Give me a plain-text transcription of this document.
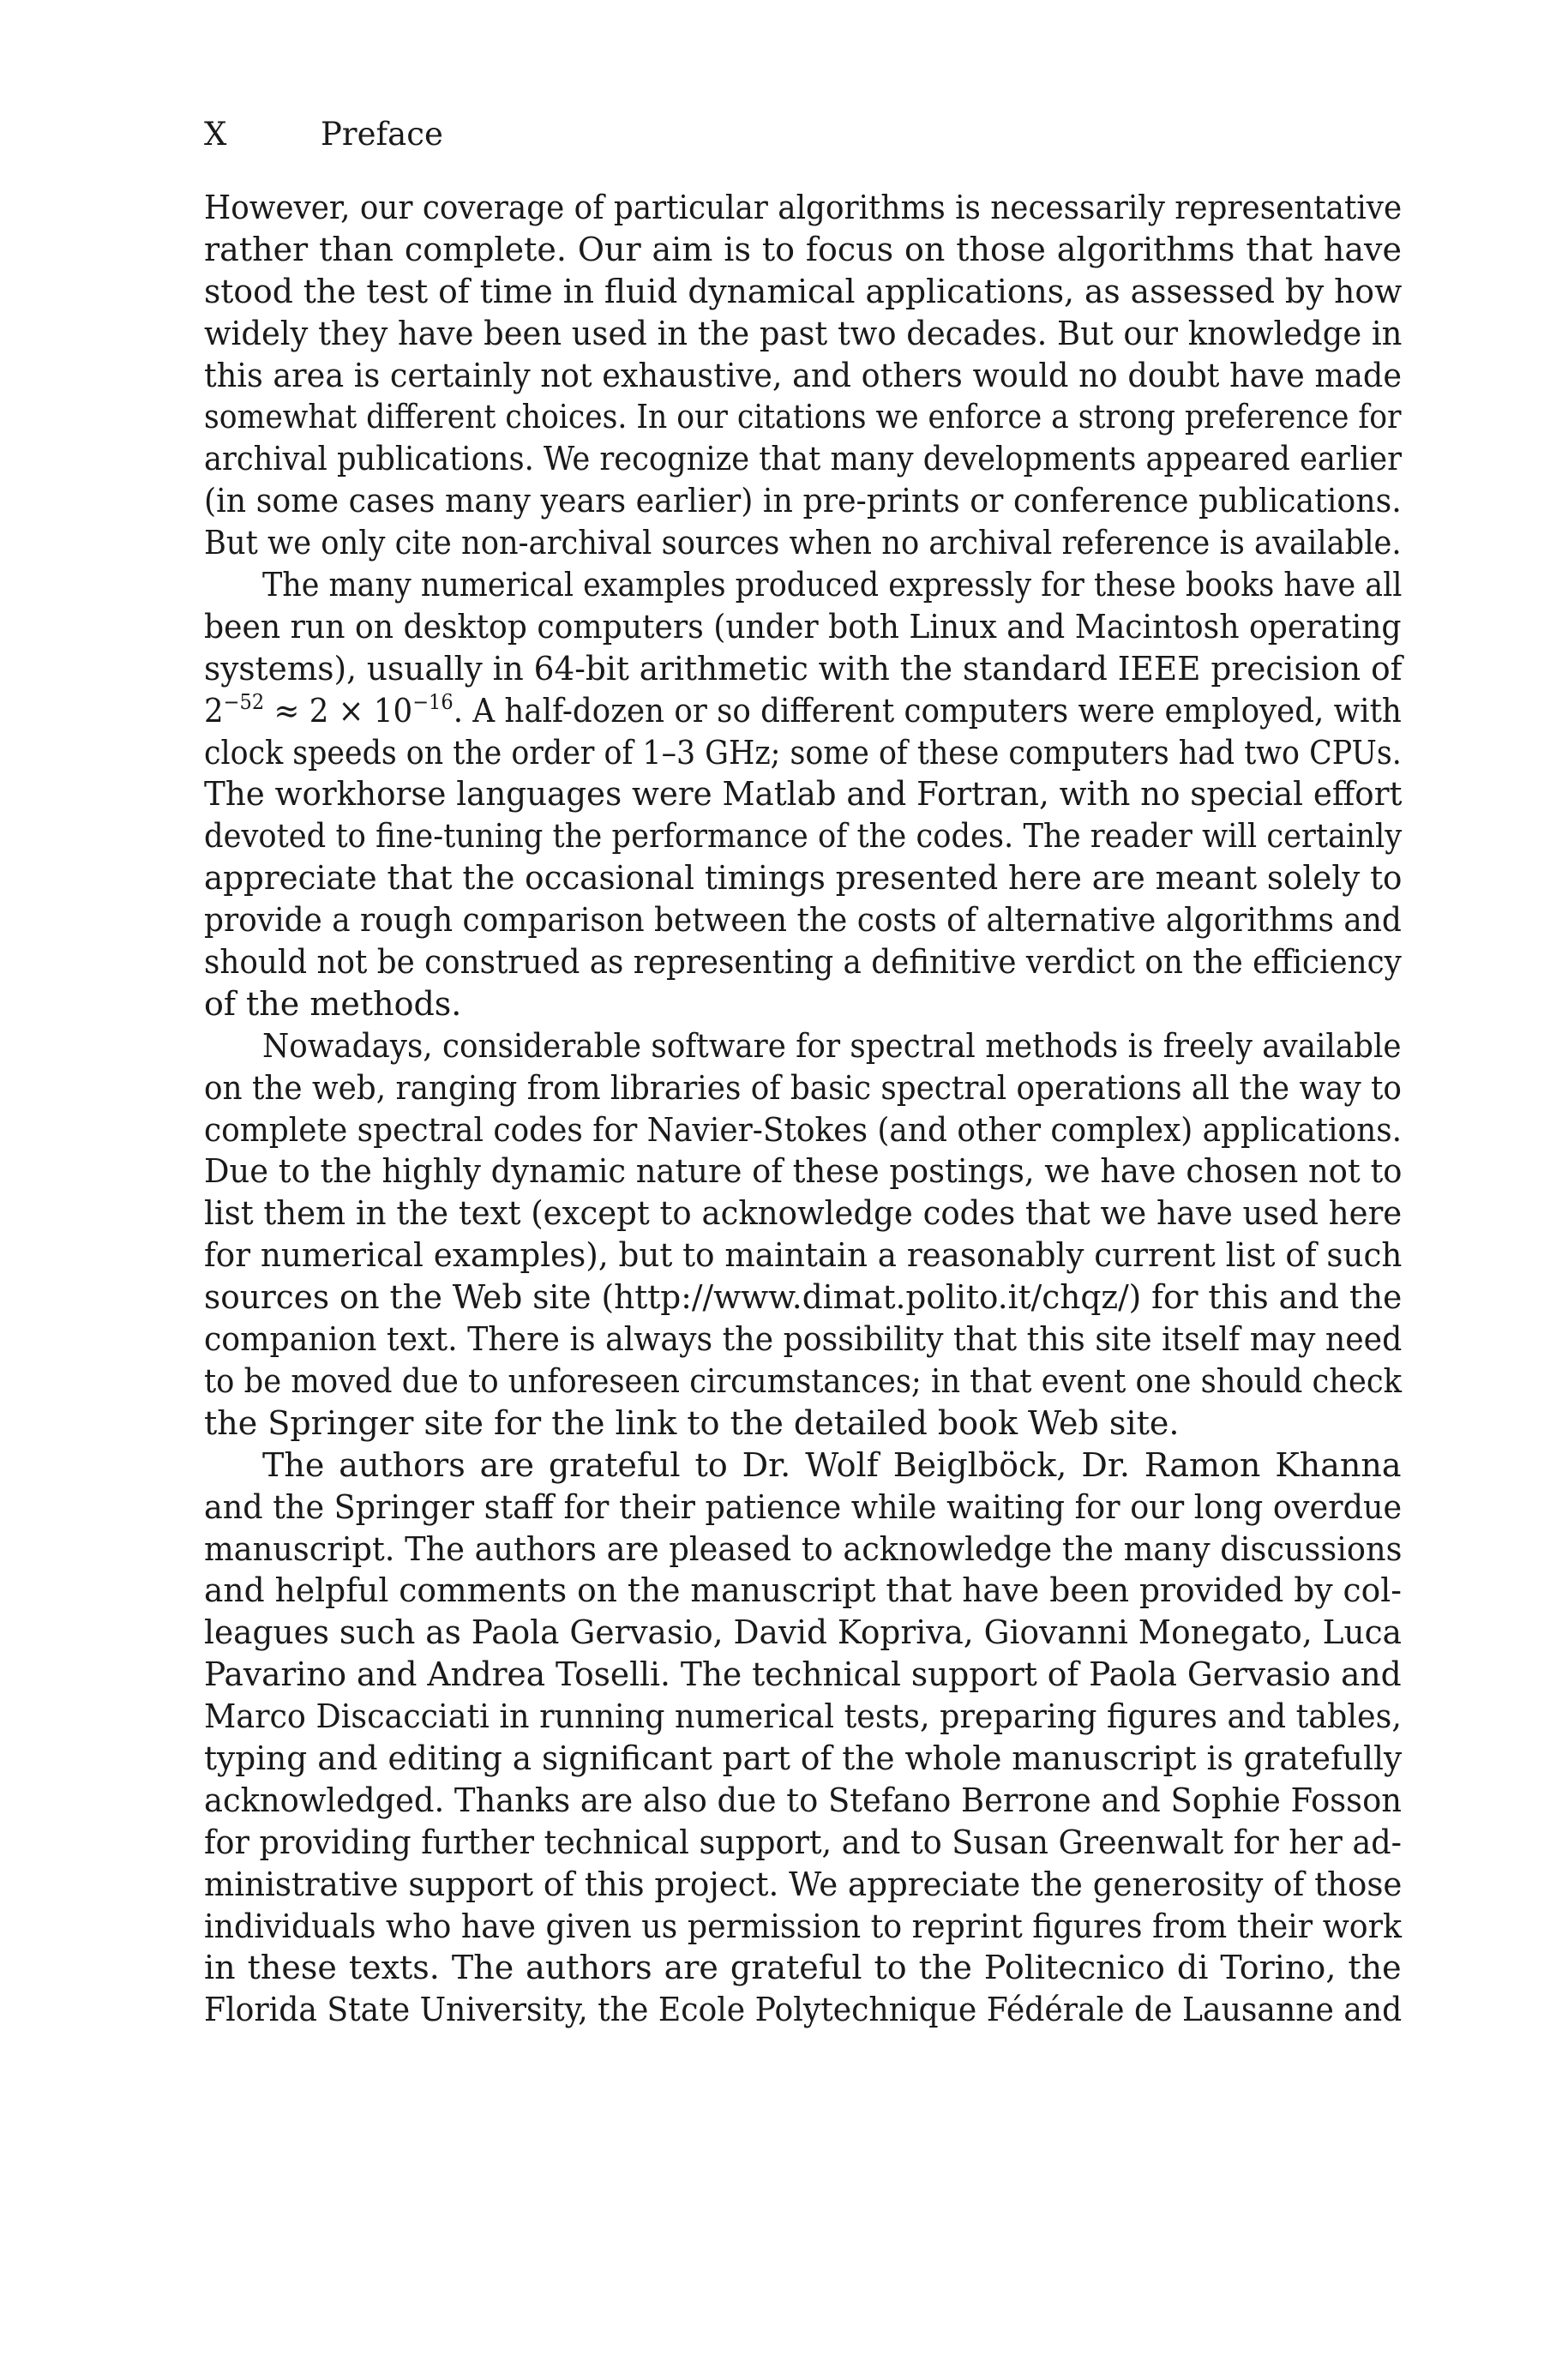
X	Preface
However, our coverage of particular algorithms is necessarily representative
rather than complete. Our aim is to focus on those algorithms that have
stood the test of time in fluid dynamical applications, as assessed by how
widely they have been used in the past two decades. But our knowledge in
this area is certainly not exhaustive, and others would no doubt have made
somewhat different choices. In our citations we enforce a strong preference for
archival publications. We recognize that many developments appeared earlier
(in some cases many years earlier) in pre-prints or conference publications.
But we only cite non-archival sources when no archival reference is available.
The many numerical examples produced expressly for these books have all
been run on desktop computers (under both Linux and Macintosh operating
systems), usually in 64-bit arithmetic with the standard IEEE precision of
$2^{-52} \approx 2 \times 10^{-16}$. A half-dozen or so different computers were employed, with
clock speeds on the order of 1–3 GHz; some of these computers had two CPUs.
The workhorse languages were Matlab and Fortran, with no special effort
devoted to fine-tuning the performance of the codes. The reader will certainly
appreciate that the occasional timings presented here are meant solely to
provide a rough comparison between the costs of alternative algorithms and
should not be construed as representing a definitive verdict on the efficiency
of the methods.
Nowadays, considerable software for spectral methods is freely available
on the web, ranging from libraries of basic spectral operations all the way to
complete spectral codes for Navier-Stokes (and other complex) applications.
Due to the highly dynamic nature of these postings, we have chosen not to
list them in the text (except to acknowledge codes that we have used here
for numerical examples), but to maintain a reasonably current list of such
sources on the Web site (http://www.dimat.polito.it/chqz/) for this and the
companion text. There is always the possibility that this site itself may need
to be moved due to unforeseen circumstances; in that event one should check
the Springer site for the link to the detailed book Web site.
The authors are grateful to Dr. Wolf Beiglböck, Dr. Ramon Khanna
and the Springer staff for their patience while waiting for our long overdue
manuscript. The authors are pleased to acknowledge the many discussions
and helpful comments on the manuscript that have been provided by col-
leagues such as Paola Gervasio, David Kopriva, Giovanni Monegato, Luca
Pavarino and Andrea Toselli. The technical support of Paola Gervasio and
Marco Discacciati in running numerical tests, preparing figures and tables,
typing and editing a significant part of the whole manuscript is gratefully
acknowledged. Thanks are also due to Stefano Berrone and Sophie Fosson
for providing further technical support, and to Susan Greenwalt for her ad-
ministrative support of this project. We appreciate the generosity of those
individuals who have given us permission to reprint figures from their work
in these texts. The authors are grateful to the Politecnico di Torino, the
Florida State University, the Ecole Polytechnique Fédérale de Lausanne and
